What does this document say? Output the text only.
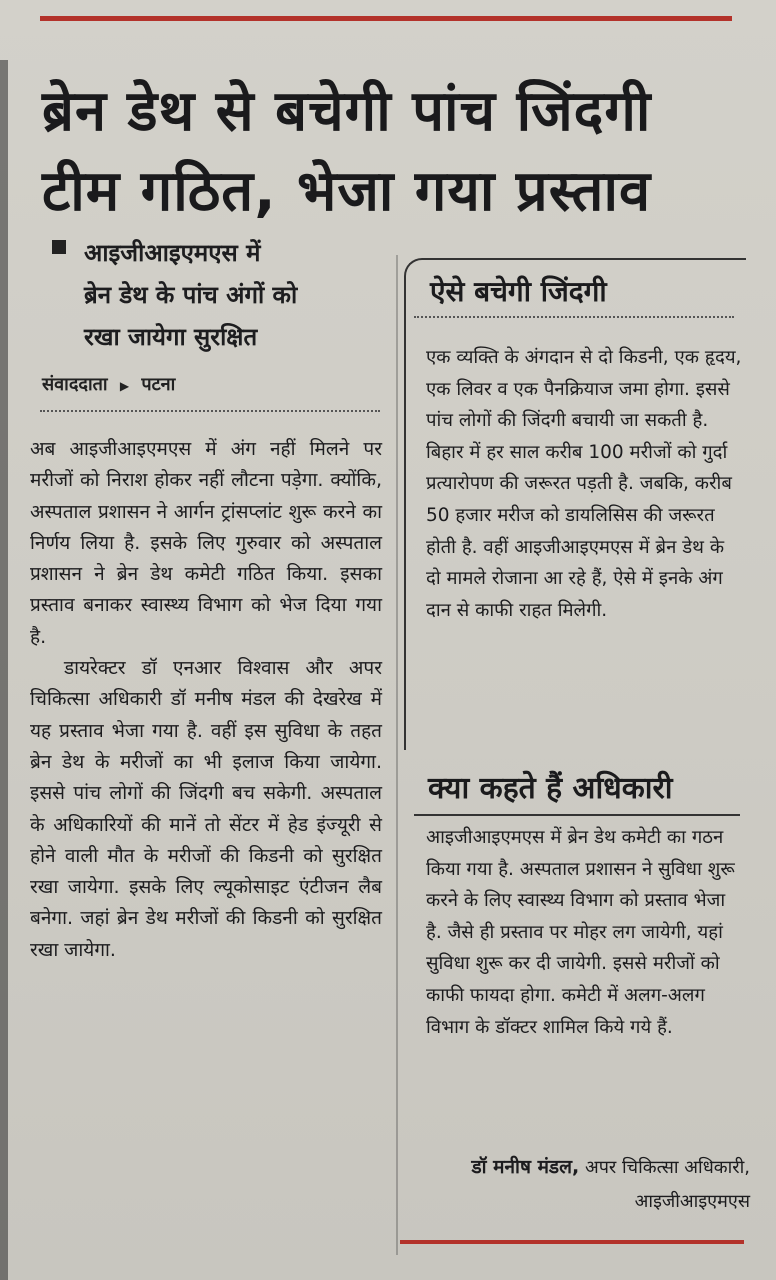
ब्रेन डेथ से बचेगी पांच जिंदगी
टीम गठित, भेजा गया प्रस्ताव
आइजीआइएमएस में
ब्रेन डेथ के पांच अंगों को
रखा जायेगा सुरक्षित
संवाददाता ▶ पटना

अब आइजीआइएमएस में अंग नहीं मिलने पर मरीजों को निराश होकर नहीं लौटना पड़ेगा. क्योंकि, अस्पताल प्रशासन ने आर्गन ट्रांसप्लांट शुरू करने का निर्णय लिया है. इसके लिए गुरुवार को अस्पताल प्रशासन ने ब्रेन डेथ कमेटी गठित किया. इसका प्रस्ताव बनाकर स्वास्थ्य विभाग को भेज दिया गया है.

डायरेक्टर डॉ एनआर विश्वास और अपर चिकित्सा अधिकारी डॉ मनीष मंडल की देखरेख में यह प्रस्ताव भेजा गया है. वहीं इस सुविधा के तहत ब्रेन डेथ के मरीजों का भी इलाज किया जायेगा. इससे पांच लोगों की जिंदगी बच सकेगी. अस्पताल के अधिकारियों की मानें तो सेंटर में हेड इंज्यूरी से होने वाली मौत के मरीजों की किडनी को सुरक्षित रखा जायेगा. इसके लिए ल्यूकोसाइट एंटीजन लैब बनेगा. जहां ब्रेन डेथ मरीजों की किडनी को सुरक्षित रखा जायेगा.

ऐसे बचेगी जिंदगी

एक व्यक्ति के अंगदान से दो किडनी, एक हृदय, एक लिवर व एक पैनक्रियाज जमा होगा. इससे पांच लोगों की जिंदगी बचायी जा सकती है. बिहार में हर साल करीब 100 मरीजों को गुर्दा प्रत्यारोपण की जरूरत पड़ती है. जबकि, करीब 50 हजार मरीज को डायलिसिस की जरूरत होती है. वहीं आइजीआइएमएस में ब्रेन डेथ के दो मामले रोजाना आ रहे हैं, ऐसे में इनके अंग दान से काफी राहत मिलेगी.

क्या कहते हैं अधिकारी

आइजीआइएमएस में ब्रेन डेथ कमेटी का गठन किया गया है. अस्पताल प्रशासन ने सुविधा शुरू करने के लिए स्वास्थ्य विभाग को प्रस्ताव भेजा है. जैसे ही प्रस्ताव पर मोहर लग जायेगी, यहां सुविधा शुरू कर दी जायेगी. इससे मरीजों को काफी फायदा होगा. कमेटी में अलग-अलग विभाग के डॉक्टर शामिल किये गये हैं.

डॉ मनीष मंडल, अपर चिकित्सा अधिकारी,
आइजीआइएमएस
